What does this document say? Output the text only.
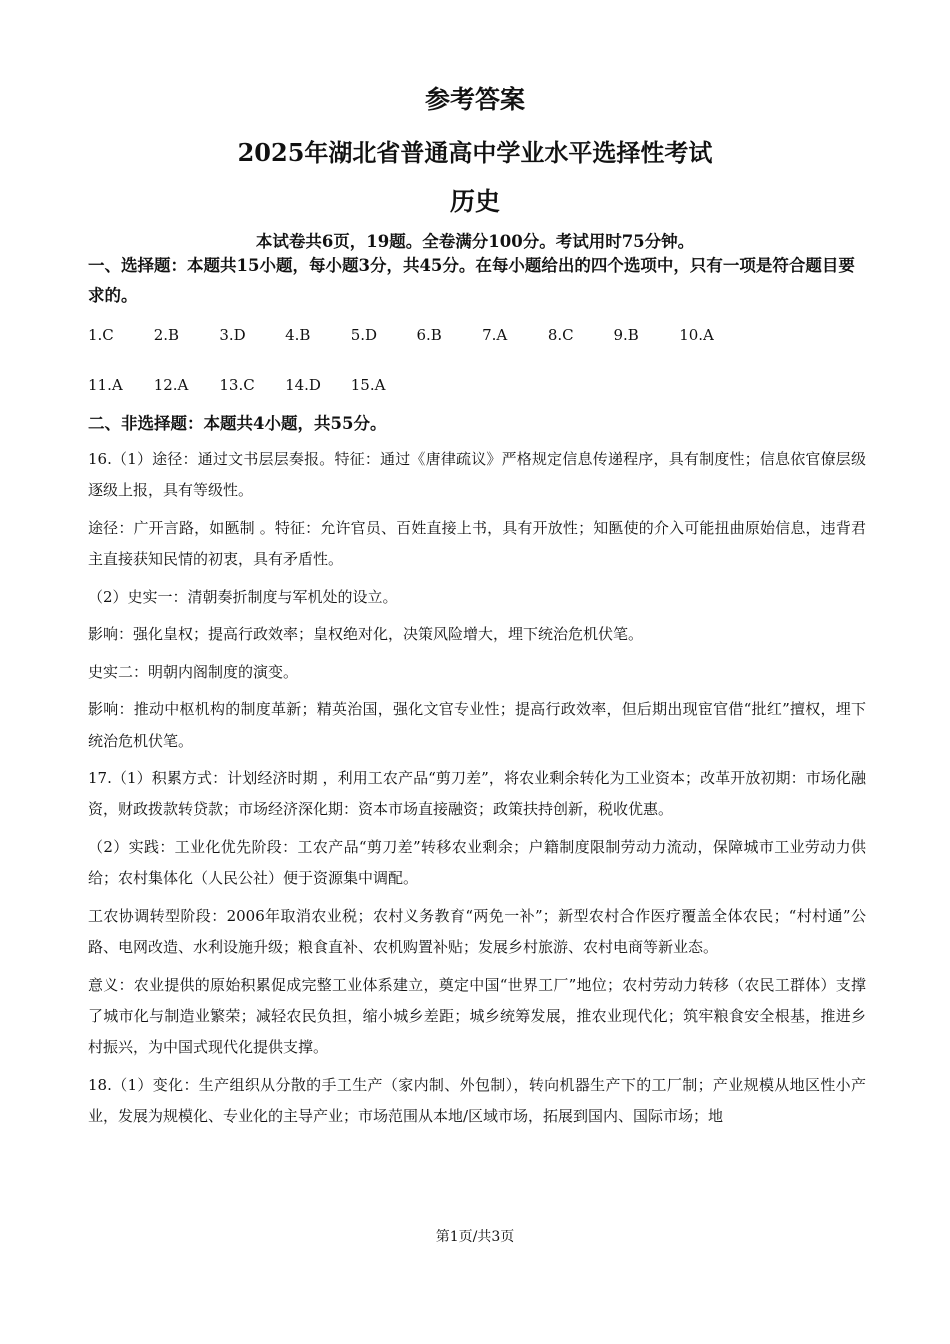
参考答案
2025年湖北省普通高中学业水平选择性考试
历史
本试卷共6页，19题。全卷满分100分。考试用时75分钟。
一、选择题：本题共15小题，每小题3分，共45分。在每小题给出的四个选项中，只有一项是符合题目要求的。
1.C	2.B	3.D	4.B	5.D	6.B	7.A	8.C	9.B	10.A
11.A 12.A 13.C 14.D 15.A
二、非选择题：本题共4小题，共55分。

16.（1）途径：通过文书层层奏报。特征：通过《唐律疏议》严格规定信息传递程序，具有制度性；信息依官僚层级逐级上报，具有等级性。

途径：广开言路，如匦制 。特征：允许官员、百姓直接上书，具有开放性；知匦使的介入可能扭曲原始信息，违背君主直接获知民情的初衷，具有矛盾性。

（2）史实一：清朝奏折制度与军机处的设立。

影响：强化皇权；提高行政效率；皇权绝对化，决策风险增大，埋下统治危机伏笔。

史实二：明朝内阁制度的演变。

影响：推动中枢机构的制度革新；精英治国，强化文官专业性；提高行政效率，但后期出现宦官借“批红”擅权，埋下统治危机伏笔。

17.（1）积累方式：计划经济时期 ，利用工农产品“剪刀差”，将农业剩余转化为工业资本；改革开放初期：市场化融资，财政拨款转贷款；市场经济深化期：资本市场直接融资；政策扶持创新，税收优惠。

（2）实践：工业化优先阶段：工农产品“剪刀差”转移农业剩余；户籍制度限制劳动力流动，保障城市工业劳动力供给；农村集体化（人民公社）便于资源集中调配。

工农协调转型阶段：2006年取消农业税；农村义务教育“两免一补”；新型农村合作医疗覆盖全体农民；“村村通”公路、电网改造、水利设施升级；粮食直补、农机购置补贴；发展乡村旅游、农村电商等新业态。

意义：农业提供的原始积累促成完整工业体系建立，奠定中国“世界工厂”地位；农村劳动力转移（农民工群体）支撑了城市化与制造业繁荣；减轻农民负担，缩小城乡差距；城乡统筹发展，推农业现代化；筑牢粮食安全根基，推进乡村振兴，为中国式现代化提供支撑。

18.（1）变化：生产组织从分散的手工生产（家内制、外包制），转向机器生产下的工厂制；产业规模从地区性小产业，发展为规模化、专业化的主导产业；市场范围从本地/区域市场，拓展到国内、国际市场；地

第1页/共3页
